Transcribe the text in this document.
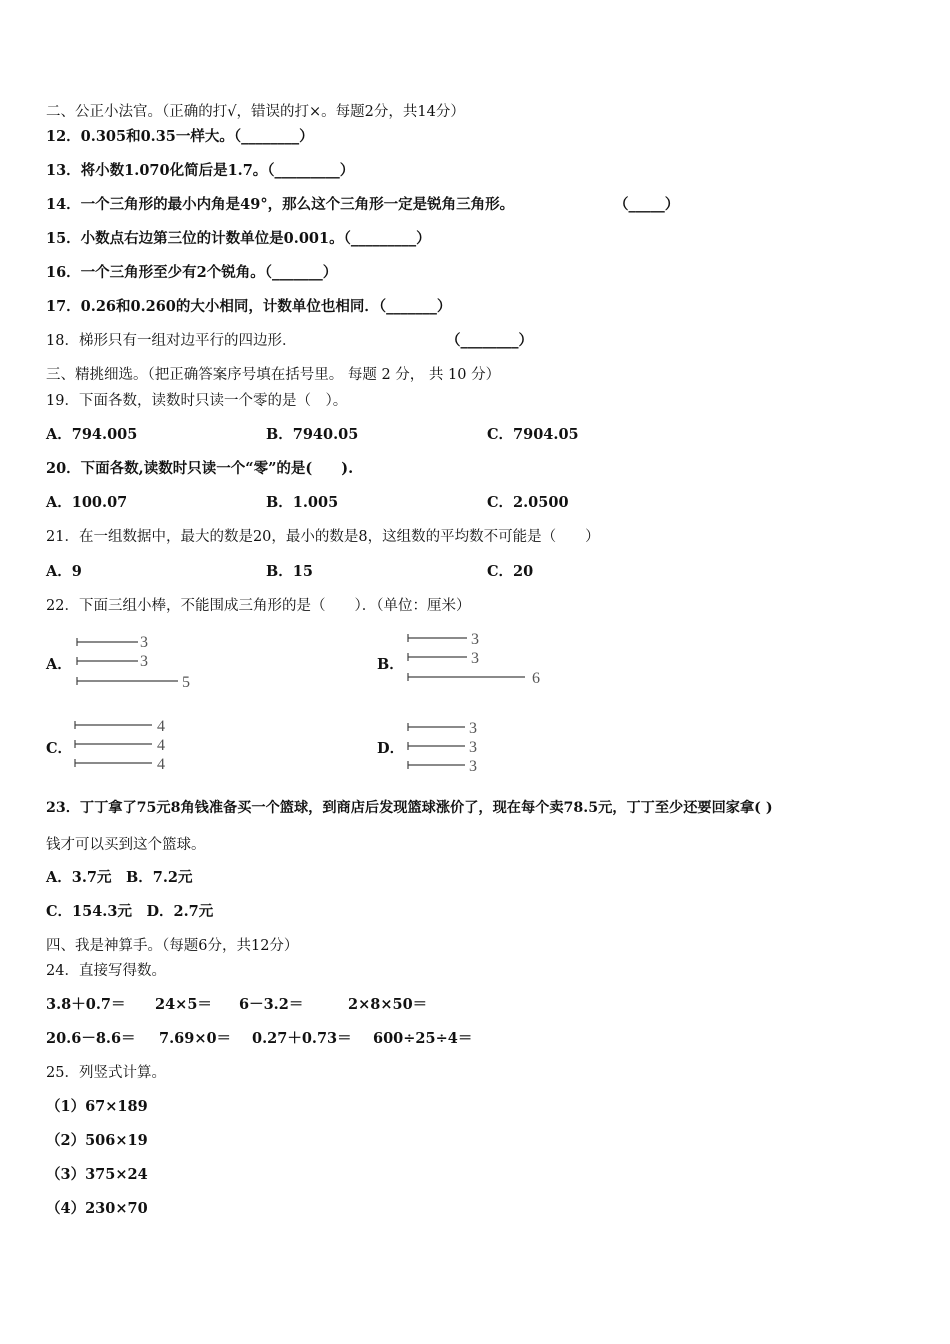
二、公正小法官。（正确的打√，错误的打×。每题2分，共14分）
12．0.305和0.35一样大。（________）
13．将小数1.070化简后是1.7。（_________）
14．一个三角形的最小内角是49°，那么这个三角形一定是锐角三角形。	（_____）
15．小数点右边第三位的计数单位是0.001。（_________）
16．一个三角形至少有2个锐角。（_______）
17．0.26和0.260的大小相同，计数单位也相同．（_______）
18．梯形只有一组对边平行的四边形．	（________）
三、精挑细选。（把正确答案序号填在括号里。 每题 2 分， 共 10 分）
19．下面各数，读数时只读一个零的是（　）。
A．794.005	B．7940.05	C．7904.05
20．下面各数,读数时只读一个“零”的是(　　).
A．100.07	B．1.005	C．2.0500
21．在一组数据中，最大的数是20，最小的数是8，这组数的平均数不可能是（　　）
A．9	B．15	C．20
22．下面三组小棒，不能围成三角形的是（　　）．（单位：厘米）
A．
3
3
5
B．
3
3
6
C．
4
4
4
D．
3
3
3
23．丁丁拿了75元8角钱准备买一个篮球，到商店后发现篮球涨价了，现在每个卖78.5元，丁丁至少还要回家拿( )
钱才可以买到这个篮球。
A．3.7元　B．7.2元
C．154.3元　D．2.7元
四、我是神算手。（每题6分，共12分）
24．直接写得数。
3.8＋0.7＝ 24×5＝ 6－3.2＝	2×8×50＝
20.6－8.6＝ 7.69×0＝ 0.27＋0.73＝ 600÷25÷4＝
25．列竖式计算。
（1）67×189
（2）506×19
（3）375×24
（4）230×70
